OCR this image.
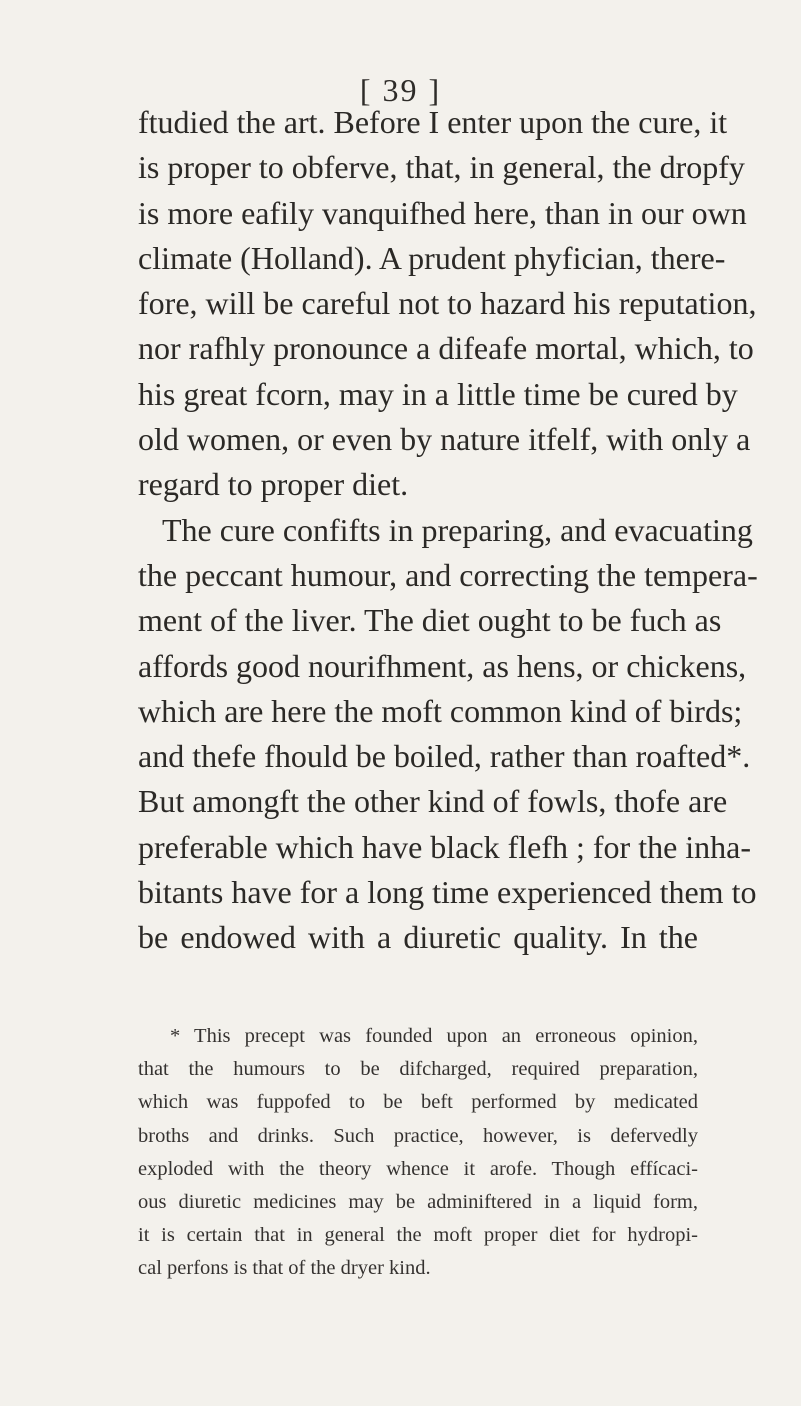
[ 39 ]
ftudied the art. Before I enter upon the cure, it
is proper to obferve, that, in general, the dropfy
is more eafily vanquifhed here, than in our own
climate (Holland). A prudent phyfician, there-
fore, will be careful not to hazard his reputation,
nor rafhly pronounce a difeafe mortal, which, to
his great fcorn, may in a little time be cured by
old women, or even by nature itfelf, with only a
regard to proper diet.
The cure confifts in preparing, and evacuating
the peccant humour, and correcting the tempera-
ment of the liver. The diet ought to be fuch as
affords good nourifhment, as hens, or chickens,
which are here the moft common kind of birds;
and thefe fhould be boiled, rather than roafted*.
But amongft the other kind of fowls, thofe are
preferable which have black flefh ; for the inha-
bitants have for a long time experienced them to
be endowed with a diuretic quality. In the
* This precept was founded upon an erroneous opinion,
that the humours to be difcharged, required preparation,
which was fuppofed to be beft performed by medicated
broths and drinks. Such practice, however, is defervedly
exploded with the theory whence it arofe. Though effícaci-
ous diuretic medicines may be adminiftered in a liquid form,
it is certain that in general the moft proper diet for hydropi-
cal perfons is that of the dryer kind.
